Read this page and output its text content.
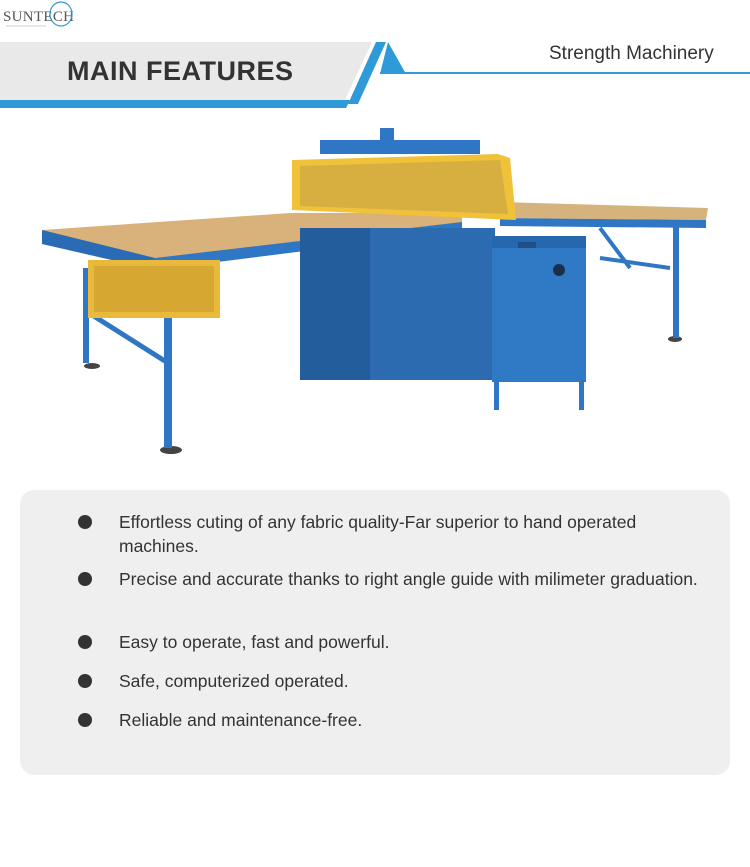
MAIN FEATURES
SUNTECH
Strength Machinery
Effortless cuting of any fabric quality-Far superior to hand operated machines.
Precise and accurate thanks to right angle guide with milimeter graduation.
Easy to operate, fast and powerful.
Safe, computerized operated.
Reliable and maintenance-free.
